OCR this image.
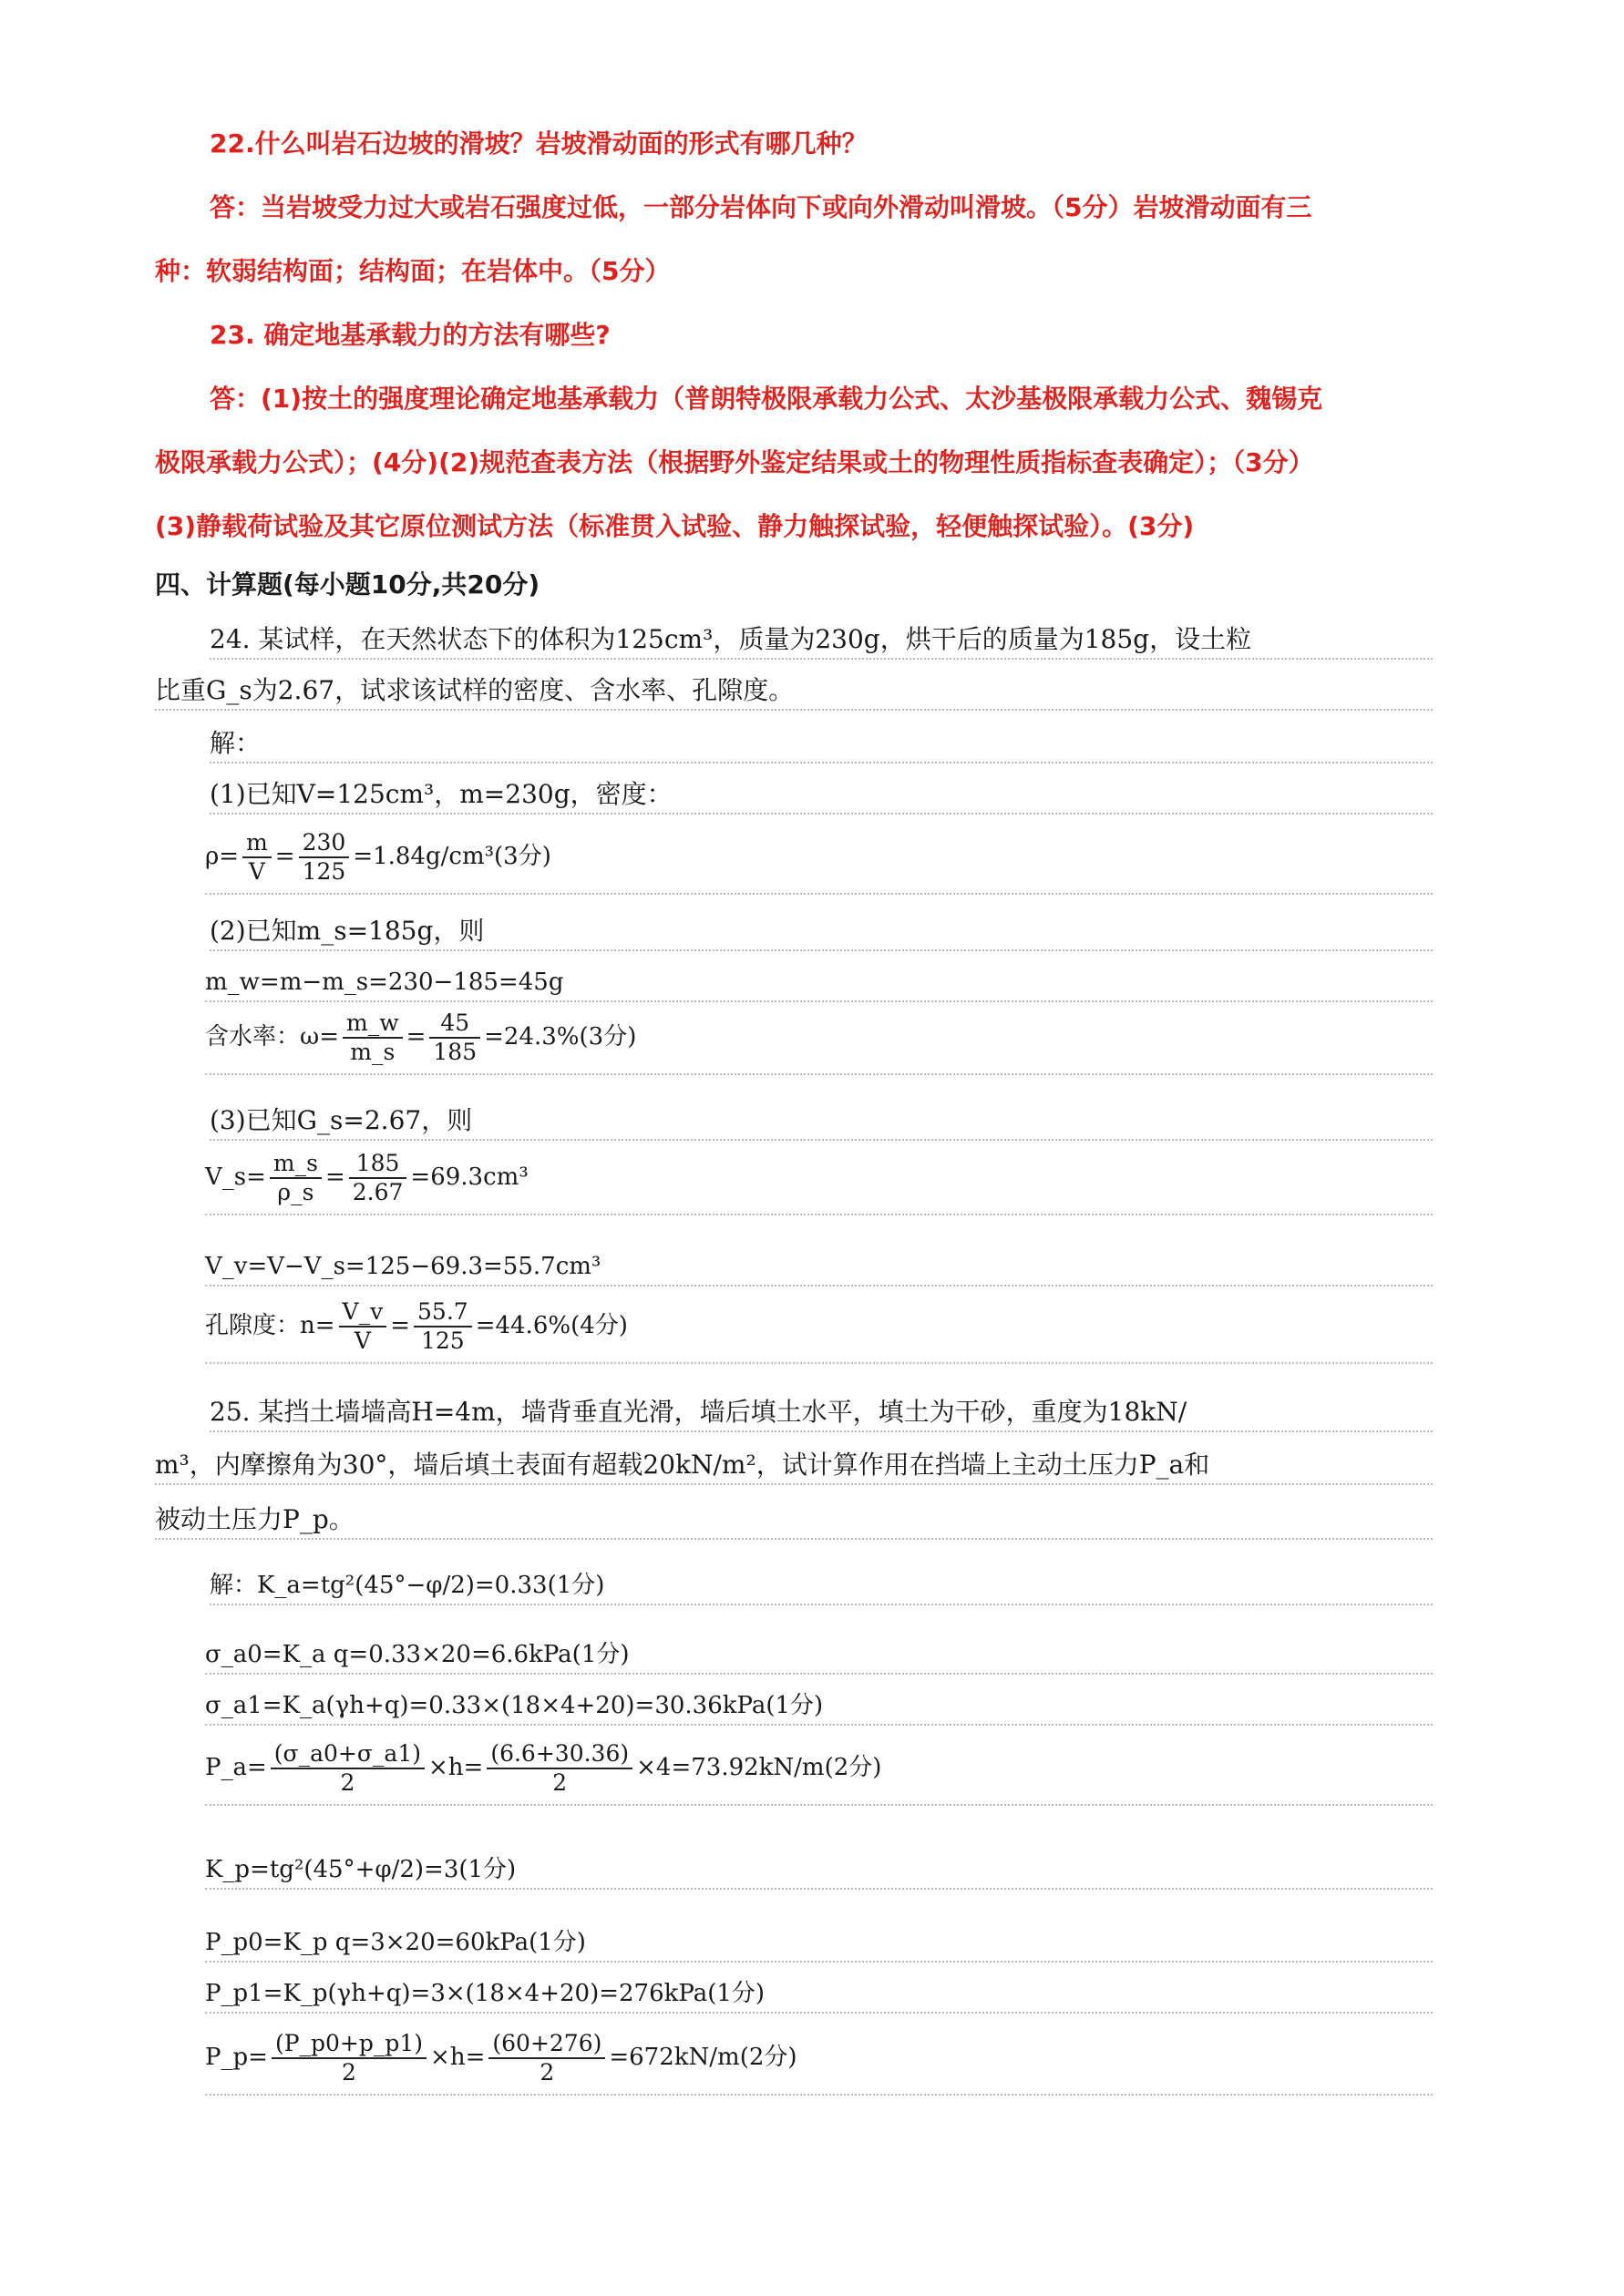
22.什么叫岩石边坡的滑坡？岩坡滑动面的形式有哪几种？
答：当岩坡受力过大或岩石强度过低，一部分岩体向下或向外滑动叫滑坡。（5分）岩坡滑动面有三
种：软弱结构面；结构面；在岩体中。（5分）
23. 确定地基承载力的方法有哪些?
答：(1)按土的强度理论确定地基承载力（普朗特极限承载力公式、太沙基极限承载力公式、魏锡克
极限承载力公式）；(4分)(2)规范查表方法（根据野外鉴定结果或土的物理性质指标查表确定）；（3分）
(3)静载荷试验及其它原位测试方法（标准贯入试验、静力触探试验，轻便触探试验）。(3分)
四、计算题(每小题10分,共20分)
24. 某试样，在天然状态下的体积为125cm³，质量为230g，烘干后的质量为185g，设土粒
比重G_s为2.67，试求该试样的密度、含水率、孔隙度。
解：
(1)已知V=125cm³，m=230g，密度：
$\rho= \frac{m}{V} = \frac{230}{125} =1.84g/cm^3(3$分)
(2)已知m_s=185g，则
m_w=m−m_s=230−185=45g
含水率：$\omega= \frac{m\_w}{m\_s} = \frac{45}{185} =24.3\%(3$分)
(3)已知G_s=2.67，则
V_s= $\frac{m\_s}{\rho\_s} = \frac{185}{2.67} =69.3cm^3$
V_v=V−V_s=125−69.3=55.7cm³
孔隙度：$n= \frac{V\_v}{V} = \frac{55.7}{125} =44.6\%(4$分)
25. 某挡土墙墙高H=4m，墙背垂直光滑，墙后填土水平，填土为干砂，重度为18kN/
m³，内摩擦角为30°，墙后填土表面有超载20kN/m²，试计算作用在挡墙上主动土压力P_a和
被动土压力P_p。
解：K_a=tg²(45°−φ/2)=0.33(1分)
σ_a0=K_a q=0.33×20=6.6kPa(1分)
σ_a1=K_a(γh+q)=0.33×(18×4+20)=30.36kPa(1分)
P_a= $\frac{(\sigma\_a0+\sigma\_a1)}{2} \times h= \frac{(6.6+30.36)}{2} \times 4=73.92kN/m(2$分)
K_p=tg²(45°+φ/2)=3(1分)
P_p0=K_p q=3×20=60kPa(1分)
P_p1=K_p(γh+q)=3×(18×4+20)=276kPa(1分)
P_p= $\frac{(P\_p0+p\_p1)}{2} \times h= \frac{(60+276)}{2} =672kN/m(2$分)
